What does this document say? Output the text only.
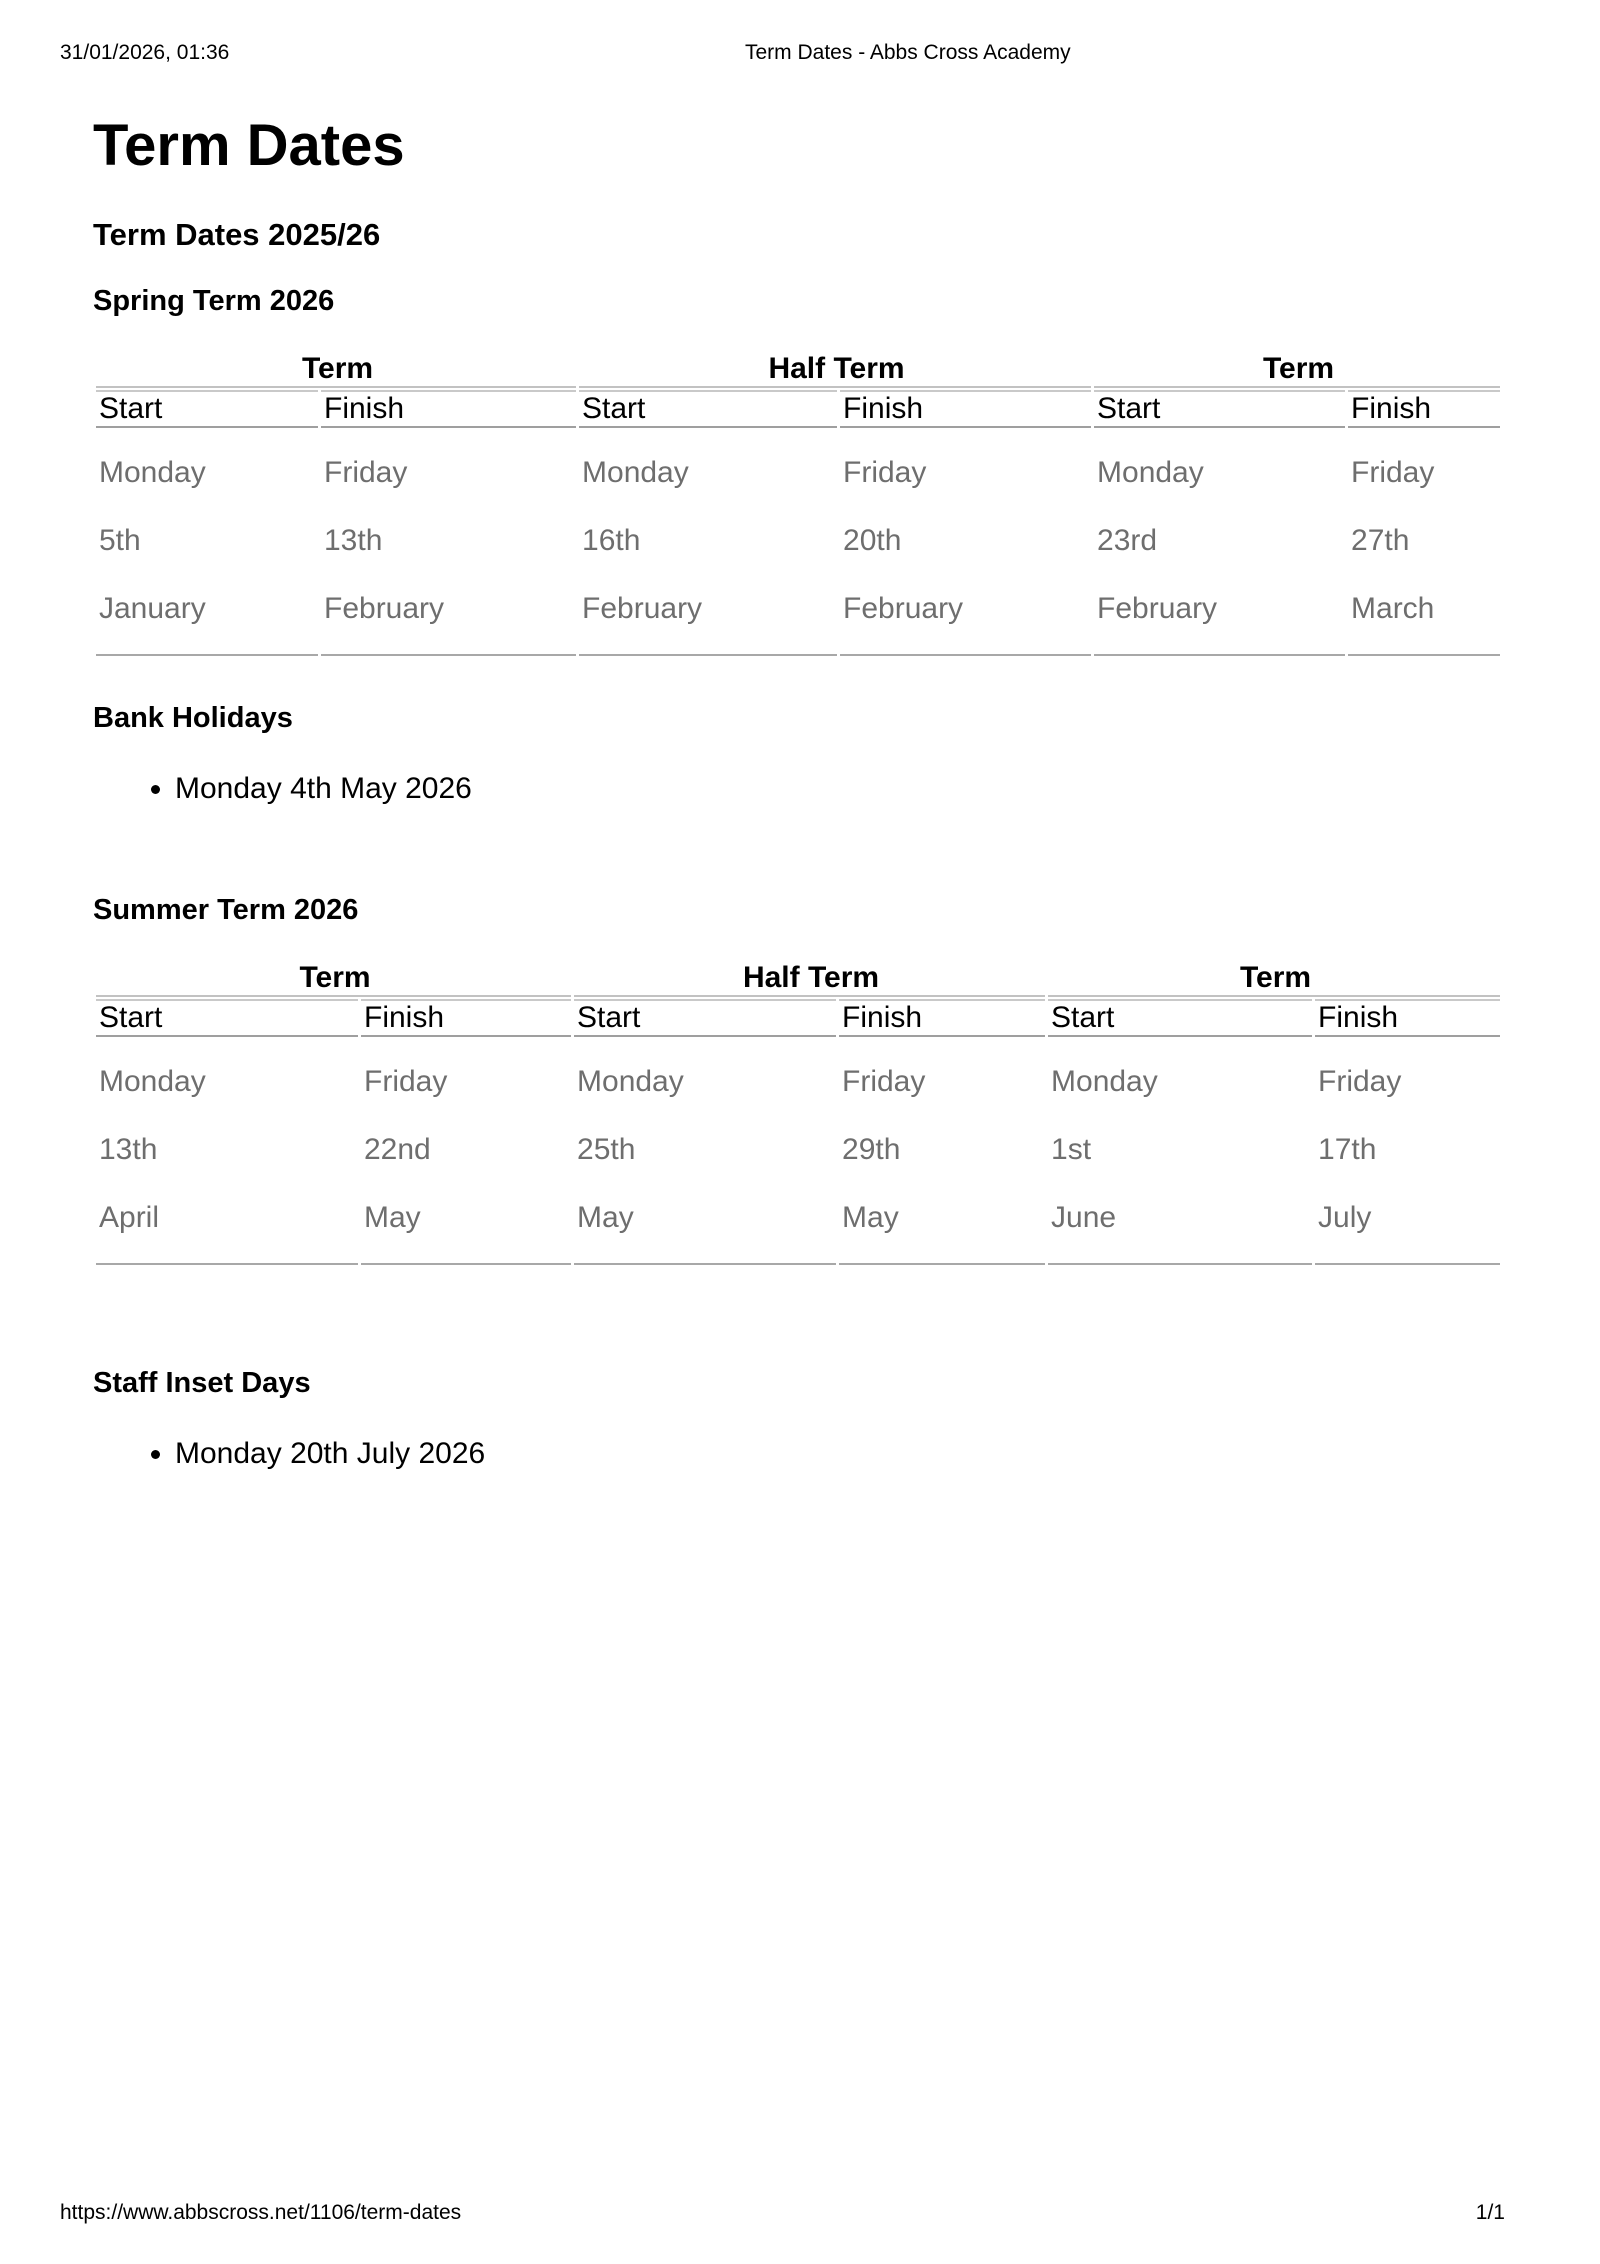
31/01/2026, 01:36	Term Dates - Abbs Cross Academy
Term Dates
Term Dates 2025/26
Spring Term 2026
Term		Half Term		Term	
Start	Finish	Start	Finish	Start	Finish
Monday	Friday	Monday	Friday	Monday	Friday
5th	13th	16th	20th	23rd	27th
January	February	February	February	February	March
Bank Holidays
• Monday 4th May 2026
Summer Term 2026
Term		Half Term		Term	
Start	Finish	Start	Finish	Start	Finish
Monday	Friday	Monday	Friday	Monday	Friday
13th	22nd	25th	29th	1st	17th
April	May	May	May	June	July
Staff Inset Days
• Monday 20th July 2026
https://www.abbscross.net/1106/term-dates	1/1
